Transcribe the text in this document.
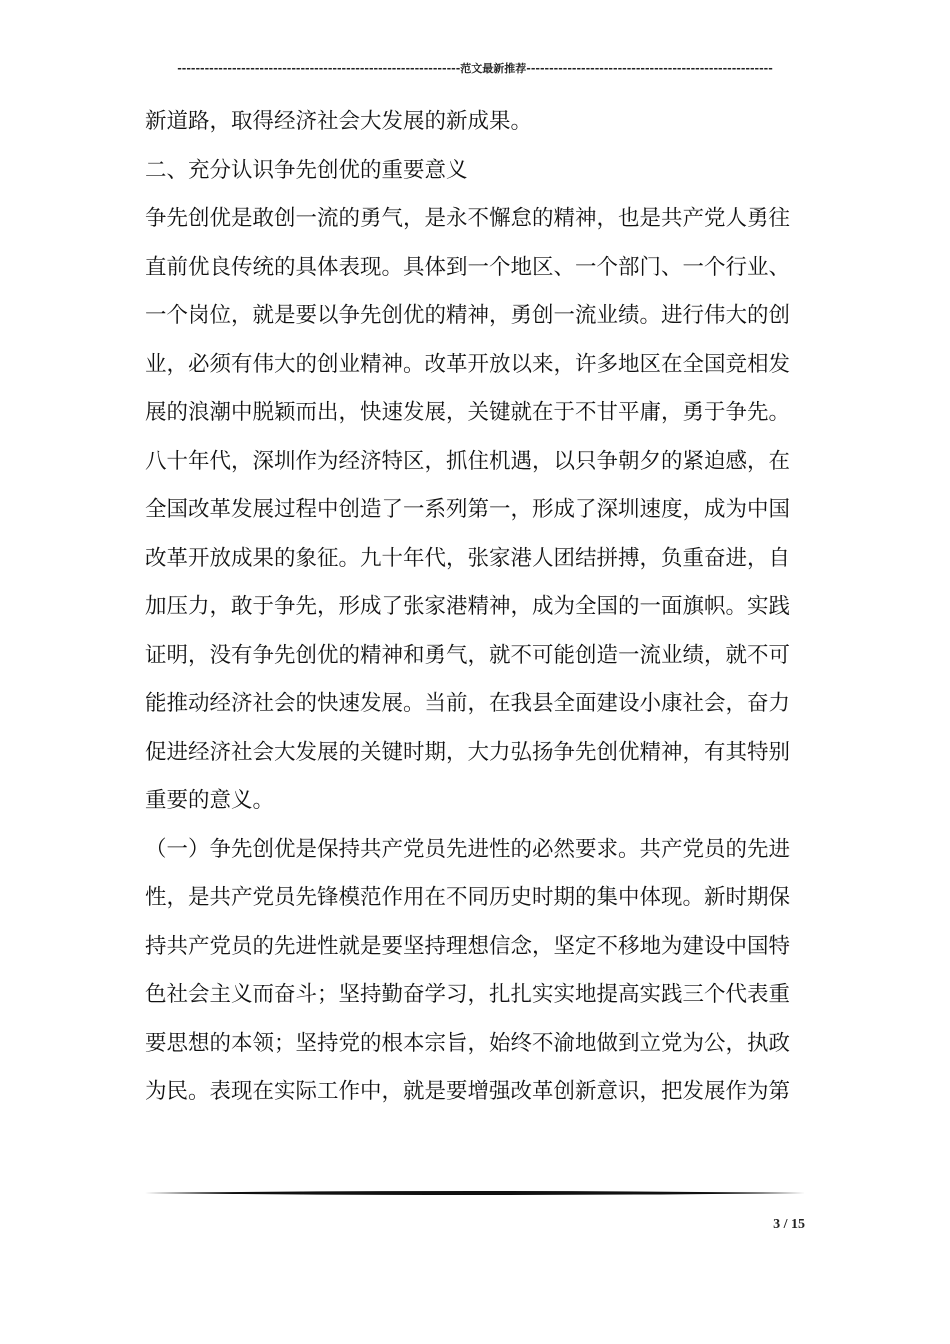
--------------------------------------------------------------范文最新推荐------------------------------------------------------

新道路，取得经济社会大发展的新成果。

二、充分认识争先创优的重要意义

争先创优是敢创一流的勇气，是永不懈怠的精神，也是共产党人勇往

直前优良传统的具体表现。具体到一个地区、一个部门、一个行业、

一个岗位，就是要以争先创优的精神，勇创一流业绩。进行伟大的创

业，必须有伟大的创业精神。改革开放以来，许多地区在全国竞相发

展的浪潮中脱颖而出，快速发展，关键就在于不甘平庸，勇于争先。

八十年代，深圳作为经济特区，抓住机遇，以只争朝夕的紧迫感，在

全国改革发展过程中创造了一系列第一，形成了深圳速度，成为中国

改革开放成果的象征。九十年代，张家港人团结拼搏，负重奋进，自

加压力，敢于争先，形成了张家港精神，成为全国的一面旗帜。实践

证明，没有争先创优的精神和勇气，就不可能创造一流业绩，就不可

能推动经济社会的快速发展。当前，在我县全面建设小康社会，奋力

促进经济社会大发展的关键时期，大力弘扬争先创优精神，有其特别

重要的意义。

（一）争先创优是保持共产党员先进性的必然要求。共产党员的先进

性，是共产党员先锋模范作用在不同历史时期的集中体现。新时期保

持共产党员的先进性就是要坚持理想信念，坚定不移地为建设中国特

色社会主义而奋斗；坚持勤奋学习，扎扎实实地提高实践三个代表重

要思想的本领；坚持党的根本宗旨，始终不渝地做到立党为公，执政

为民。表现在实际工作中，就是要增强改革创新意识，把发展作为第

3 / 15
